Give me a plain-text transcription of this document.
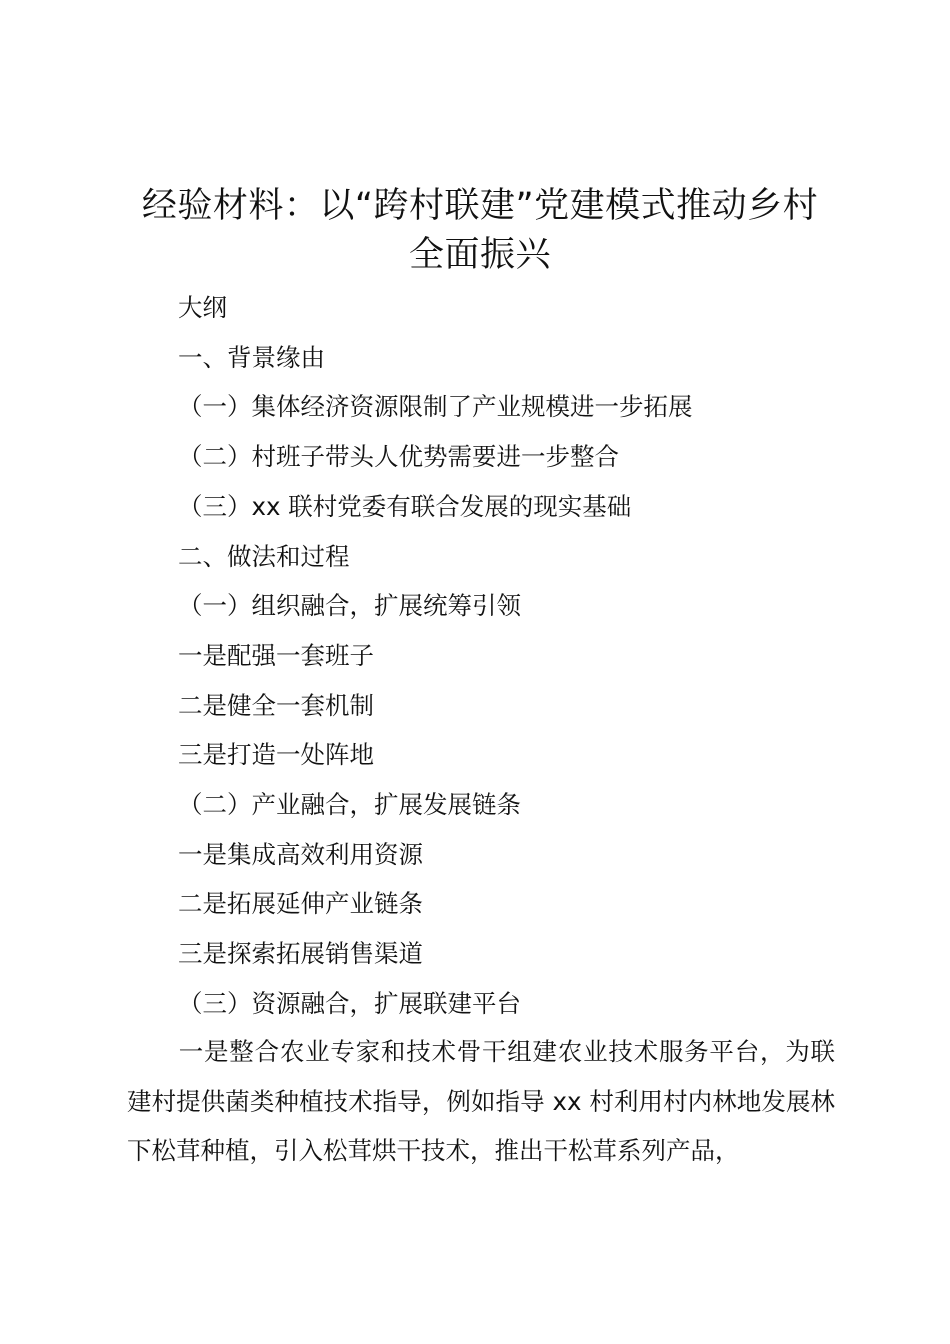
经验材料：以“跨村联建”党建模式推动乡村
全面振兴
大纲
一、背景缘由
（一）集体经济资源限制了产业规模进一步拓展
（二）村班子带头人优势需要进一步整合
（三）xx 联村党委有联合发展的现实基础
二、做法和过程
（一）组织融合，扩展统筹引领
一是配强一套班子
二是健全一套机制
三是打造一处阵地
（二）产业融合，扩展发展链条
一是集成高效利用资源
二是拓展延伸产业链条
三是探索拓展销售渠道
（三）资源融合，扩展联建平台

一是整合农业专家和技术骨干组建农业技术服务平台，为联建村提供菌类种植技术指导，例如指导 xx 村利用村内林地发展林下松茸种植，引入松茸烘干技术，推出干松茸系列产品，
